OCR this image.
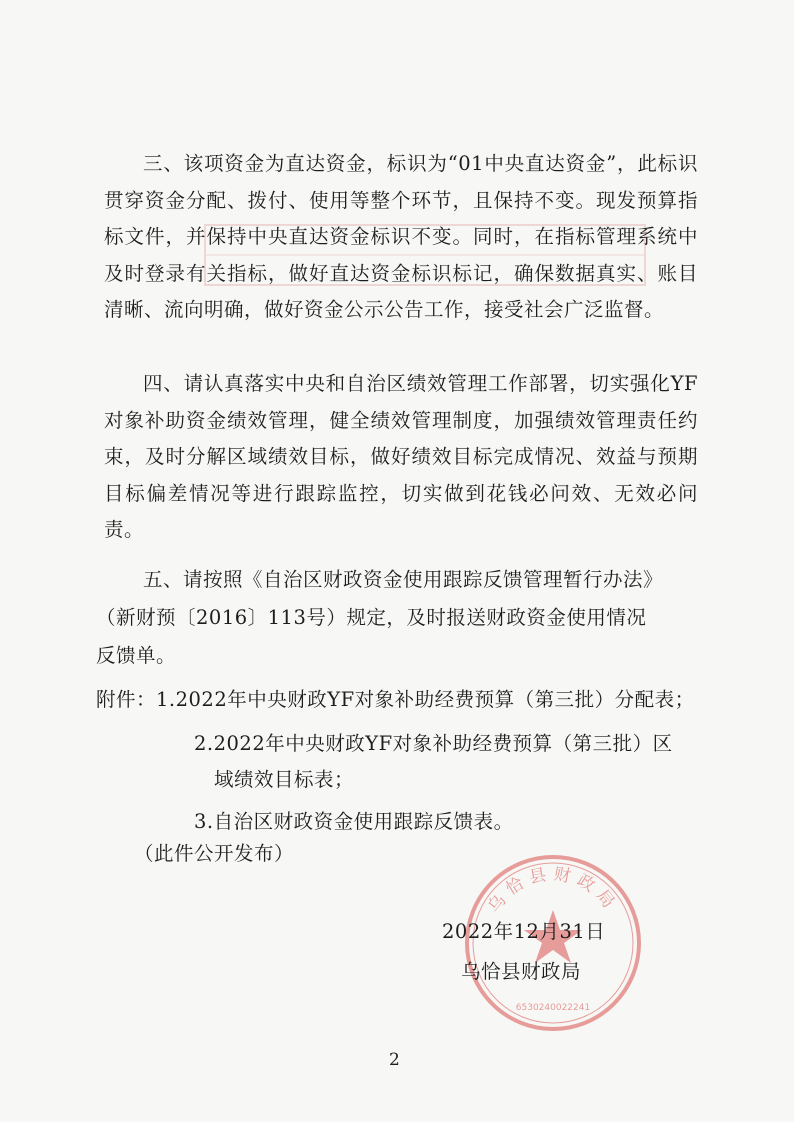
三、该项资金为直达资金，标识为“01中央直达资金”，此标识贯穿资金分配、拨付、使用等整个环节，且保持不变。现发预算指标文件，并保持中央直达资金标识不变。同时，在指标管理系统中及时登录有关指标，做好直达资金标识标记，确保数据真实、账目清晰、流向明确，做好资金公示公告工作，接受社会广泛监督。

四、请认真落实中央和自治区绩效管理工作部署，切实强化YF对象补助资金绩效管理，健全绩效管理制度，加强绩效管理责任约束，及时分解区域绩效目标，做好绩效目标完成情况、效益与预期目标偏差情况等进行跟踪监控，切实做到花钱必问效、无效必问责。

五、请按照《自治区财政资金使用跟踪反馈管理暂行办法》

（新财预〔2016〕113号）规定，及时报送财政资金使用情况

反馈单。

附件：1.2022年中央财政YF对象补助经费预算（第三批）分配表；

2.2022年中央财政YF对象补助经费预算（第三批）区

域绩效目标表；

3.自治区财政资金使用跟踪反馈表。

（此件公开发布）

乌恰县财政局
6530240022241

2022年12月31日

乌恰县财政局

2
